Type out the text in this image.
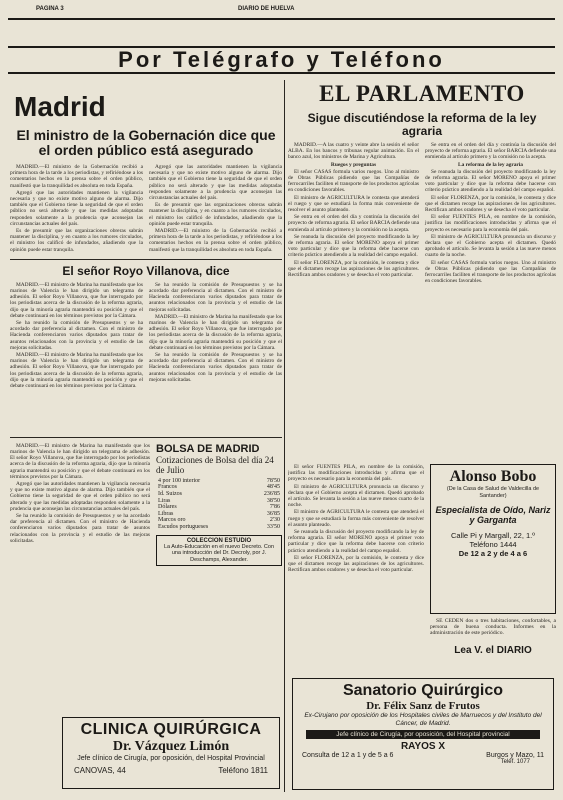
PAGINA 3	DIARIO DE HUELVA
Por Telégrafo y Teléfono
Madrid
El ministro de la Gobernación dice que el orden público está asegurado

MADRID.—El ministro de la Gobernación recibió a primera hora de la tarde a los periodistas, y refiriéndose a los comentarios hechos en la prensa sobre el orden público, manifestó que la tranquilidad es absoluta en toda España.

Agregó que las autoridades mantienen la vigilancia necesaria y que no existe motivo alguno de alarma. Dijo también que el Gobierno tiene la seguridad de que el orden público no será alterado y que las medidas adoptadas responden solamente a la prudencia que aconsejan las circunstancias actuales del país.

Es de presumir que las organizaciones obreras sabrán mantener la disciplina, y en cuanto a los rumores circulados, el ministro los calificó de infundados, añadiendo que la opinión puede estar tranquila.

Agregó que las autoridades mantienen la vigilancia necesaria y que no existe motivo alguno de alarma. Dijo también que el Gobierno tiene la seguridad de que el orden público no será alterado y que las medidas adoptadas responden solamente a la prudencia que aconsejan las circunstancias actuales del país.

Es de presumir que las organizaciones obreras sabrán mantener la disciplina, y en cuanto a los rumores circulados, el ministro los calificó de infundados, añadiendo que la opinión puede estar tranquila.

MADRID.—El ministro de la Gobernación recibió a primera hora de la tarde a los periodistas, y refiriéndose a los comentarios hechos en la prensa sobre el orden público, manifestó que la tranquilidad es absoluta en toda España.

El señor Royo Villanova, dice

MADRID.—El ministro de Marina ha manifestado que los marinos de Valencia le han dirigido un telegrama de adhesión. El señor Royo Villanova, que fue interrogado por los periodistas acerca de la discusión de la reforma agraria, dijo que la minoría agraria mantendrá su posición y que el debate continuará en los términos previstos por la Cámara.

Se ha reunido la comisión de Presupuestos y se ha acordado dar preferencia al dictamen. Con el ministro de Hacienda conferenciaron varios diputados para tratar de asuntos relacionados con la provincia y el estudio de las mejoras solicitadas.

MADRID.—El ministro de Marina ha manifestado que los marinos de Valencia le han dirigido un telegrama de adhesión. El señor Royo Villanova, que fue interrogado por los periodistas acerca de la discusión de la reforma agraria, dijo que la minoría agraria mantendrá su posición y que el debate continuará en los términos previstos por la Cámara.

Se ha reunido la comisión de Presupuestos y se ha acordado dar preferencia al dictamen. Con el ministro de Hacienda conferenciaron varios diputados para tratar de asuntos relacionados con la provincia y el estudio de las mejoras solicitadas.

MADRID.—El ministro de Marina ha manifestado que los marinos de Valencia le han dirigido un telegrama de adhesión. El señor Royo Villanova, que fue interrogado por los periodistas acerca de la discusión de la reforma agraria, dijo que la minoría agraria mantendrá su posición y que el debate continuará en los términos previstos por la Cámara.

Se ha reunido la comisión de Presupuestos y se ha acordado dar preferencia al dictamen. Con el ministro de Hacienda conferenciaron varios diputados para tratar de asuntos relacionados con la provincia y el estudio de las mejoras solicitadas.

MADRID.—El ministro de Marina ha manifestado que los marinos de Valencia le han dirigido un telegrama de adhesión. El señor Royo Villanova, que fue interrogado por los periodistas acerca de la discusión de la reforma agraria, dijo que la minoría agraria mantendrá su posición y que el debate continuará en los términos previstos por la Cámara.

Agregó que las autoridades mantienen la vigilancia necesaria y que no existe motivo alguno de alarma. Dijo también que el Gobierno tiene la seguridad de que el orden público no será alterado y que las medidas adoptadas responden solamente a la prudencia que aconsejan las circunstancias actuales del país.

Se ha reunido la comisión de Presupuestos y se ha acordado dar preferencia al dictamen. Con el ministro de Hacienda conferenciaron varios diputados para tratar de asuntos relacionados con la provincia y el estudio de las mejoras solicitadas.

BOLSA DE MADRID
Cotizaciones de Bolsa del día 24 de Julio
4 por 100 interior	78'50
Francos	48'45
Id. Suizos	236'85
Liras	38'50
Dólares	7'86
Libras	36'85
Marcos oro	2'30
Escudos portugueses	33'50
COLECCION ESTUDIO
La Auto-Educación en el nuevo Decreto. Con una introducción del Dr. Decroly, por J. Deschamps, Alexander.
CLINICA QUIRÚRGICA
Dr. Vázquez Limón
Jefe clínico de Cirugía, por oposición, del Hospital Provincial
CANOVAS, 44	Teléfono 1811
EL PARLAMENTO
Sigue discutiéndose la reforma de la ley agraria

MADRID.—A las cuatro y veinte abre la sesión el señor ALBA. En los bancos y tribunas regular animación. En el banco azul, los ministros de Marina y Agricultura.

Ruegos y preguntas

El señor CASAS formula varios ruegos. Uno al ministro de Obras Públicas pidiendo que las Compañías de ferrocarriles faciliten el transporte de los productos agrícolas en condiciones favorables.

El ministro de AGRICULTURA le contesta que atenderá el ruego y que se estudiará la forma más conveniente de resolver el asunto planteado.

Se entra en el orden del día y continúa la discusión del proyecto de reforma agraria. El señor BARCIA defiende una enmienda al artículo primero y la comisión no la acepta.

Se reanuda la discusión del proyecto modificando la ley de reforma agraria. El señor MORENO apoya el primer voto particular y dice que la reforma debe hacerse con criterio práctico atendiendo a la realidad del campo español.

El señor FLORENZA, por la comisión, le contesta y dice que el dictamen recoge las aspiraciones de los agricultores. Rectifican ambos oradores y se desecha el voto particular.

Se entra en el orden del día y continúa la discusión del proyecto de reforma agraria. El señor BARCIA defiende una enmienda al artículo primero y la comisión no la acepta.

La reforma de la ley agraria

Se reanuda la discusión del proyecto modificando la ley de reforma agraria. El señor MORENO apoya el primer voto particular y dice que la reforma debe hacerse con criterio práctico atendiendo a la realidad del campo español.

El señor FLORENZA, por la comisión, le contesta y dice que el dictamen recoge las aspiraciones de los agricultores. Rectifican ambos oradores y se desecha el voto particular.

El señor FUENTES PILA, en nombre de la comisión, justifica las modificaciones introducidas y afirma que el proyecto es necesario para la economía del país.

El ministro de AGRICULTURA pronuncia un discurso y declara que el Gobierno acepta el dictamen. Quedó aprobado el artículo. Se levanta la sesión a las nueve menos cuarto de la noche.

El señor CASAS formula varios ruegos. Uno al ministro de Obras Públicas pidiendo que las Compañías de ferrocarriles faciliten el transporte de los productos agrícolas en condiciones favorables.

El señor FUENTES PILA, en nombre de la comisión, justifica las modificaciones introducidas y afirma que el proyecto es necesario para la economía del país.

El ministro de AGRICULTURA pronuncia un discurso y declara que el Gobierno acepta el dictamen. Quedó aprobado el artículo. Se levanta la sesión a las nueve menos cuarto de la noche.

El ministro de AGRICULTURA le contesta que atenderá el ruego y que se estudiará la forma más conveniente de resolver el asunto planteado.

Se reanuda la discusión del proyecto modificando la ley de reforma agraria. El señor MORENO apoya el primer voto particular y dice que la reforma debe hacerse con criterio práctico atendiendo a la realidad del campo español.

El señor FLORENZA, por la comisión, le contesta y dice que el dictamen recoge las aspiraciones de los agricultores. Rectifican ambos oradores y se desecha el voto particular.

Alonso Bobo
(De la Casa de Salud de Valdecilla de Santander)
Especialista de Oído, Nariz y Garganta
Calle Pi y Margall, 22, 1.º
Teléfono 1444
De 12 a 2 y de 4 a 6

SE CEDEN dos o tres habitaciones, confortables, a persona de buena conducta. Informes en la administración de este periódico.

Lea V. el DIARIO
Sanatorio Quirúrgico
Dr. Félix Sanz de Frutos
Ex-Cirujano por oposición de los Hospitales civiles de Marruecos y del Instituto del Cáncer, de Madrid.
Jefe clínico de Cirugía, por oposición, del Hospital provincial
RAYOS X
Consulta de 12 a 1 y de 5 a 6	Burgos y Mazo, 11
Teléf. 1077
